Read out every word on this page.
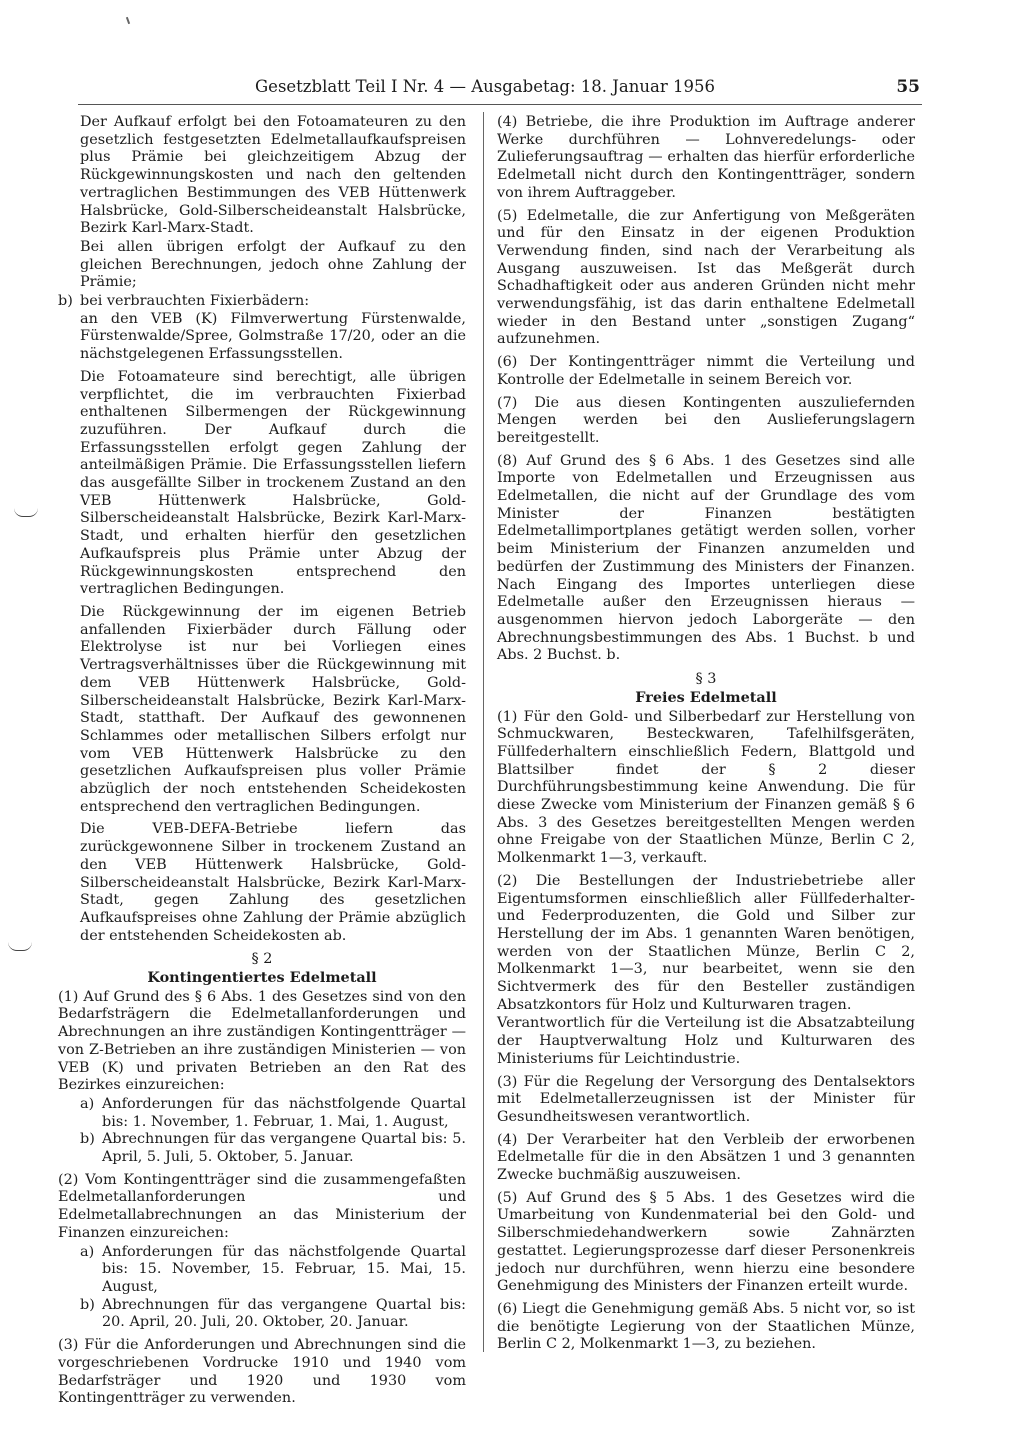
Gesetzblatt Teil I Nr. 4 — Ausgabetag: 18. Januar 1956	55

Der Aufkauf erfolgt bei den Fotoamateuren zu den gesetzlich festgesetzten Edelmetallaufkaufspreisen plus Prämie bei gleichzeitigem Abzug der Rückgewinnungskosten und nach den geltenden vertraglichen Bestimmungen des VEB Hüttenwerk Halsbrücke, Gold-Silberscheideanstalt Halsbrücke, Bezirk Karl-Marx-Stadt.

Bei allen übrigen erfolgt der Aufkauf zu den gleichen Berechnungen, jedoch ohne Zahlung der Prämie;

b) bei verbrauchten Fixierbädern:

an den VEB (K) Filmverwertung Fürstenwalde, Fürstenwalde/Spree, Golmstraße 17/20, oder an die nächstgelegenen Erfassungsstellen.

Die Fotoamateure sind berechtigt, alle übrigen verpflichtet, die im verbrauchten Fixierbad enthaltenen Silbermengen der Rückgewinnung zuzuführen. Der Aufkauf durch die Erfassungsstellen erfolgt gegen Zahlung der anteilmäßigen Prämie. Die Erfassungsstellen liefern das ausgefällte Silber in trockenem Zustand an den VEB Hüttenwerk Halsbrücke, Gold-Silberscheideanstalt Halsbrücke, Bezirk Karl-Marx-Stadt, und erhalten hierfür den gesetzlichen Aufkaufspreis plus Prämie unter Abzug der Rückgewinnungskosten entsprechend den vertraglichen Bedingungen.

Die Rückgewinnung der im eigenen Betrieb anfallenden Fixierbäder durch Fällung oder Elektrolyse ist nur bei Vorliegen eines Vertragsverhältnisses über die Rückgewinnung mit dem VEB Hüttenwerk Halsbrücke, Gold-Silberscheideanstalt Halsbrücke, Bezirk Karl-Marx-Stadt, statthaft. Der Aufkauf des gewonnenen Schlammes oder metallischen Silbers erfolgt nur vom VEB Hüttenwerk Halsbrücke zu den gesetzlichen Aufkaufspreisen plus voller Prämie abzüglich der noch entstehenden Scheidekosten entsprechend den vertraglichen Bedingungen.

Die VEB-DEFA-Betriebe liefern das zurückgewonnene Silber in trockenem Zustand an den VEB Hüttenwerk Halsbrücke, Gold-Silberscheideanstalt Halsbrücke, Bezirk Karl-Marx-Stadt, gegen Zahlung des gesetzlichen Aufkaufspreises ohne Zahlung der Prämie abzüglich der entstehenden Scheidekosten ab.

§ 2
Kontingentiertes Edelmetall

(1) Auf Grund des § 6 Abs. 1 des Gesetzes sind von den Bedarfsträgern die Edelmetallanforderungen und Abrechnungen an ihre zuständigen Kontingentträger — von Z-Betrieben an ihre zuständigen Ministerien — von VEB (K) und privaten Betrieben an den Rat des Bezirkes einzureichen:

a) Anforderungen für das nächstfolgende Quartal bis: 1. November, 1. Februar, 1. Mai, 1. August,
b) Abrechnungen für das vergangene Quartal bis: 5. April, 5. Juli, 5. Oktober, 5. Januar.

(2) Vom Kontingentträger sind die zusammengefaßten Edelmetallanforderungen und Edelmetallabrechnungen an das Ministerium der Finanzen einzureichen:

a) Anforderungen für das nächstfolgende Quartal bis: 15. November, 15. Februar, 15. Mai, 15. August,
b) Abrechnungen für das vergangene Quartal bis: 20. April, 20. Juli, 20. Oktober, 20. Januar.

(3) Für die Anforderungen und Abrechnungen sind die vorgeschriebenen Vordrucke 1910 und 1940 vom Bedarfsträger und 1920 und 1930 vom Kontingentträger zu verwenden.

(4) Betriebe, die ihre Produktion im Auftrage anderer Werke durchführen — Lohnveredelungs- oder Zulieferungsauftrag — erhalten das hierfür erforderliche Edelmetall nicht durch den Kontingentträger, sondern von ihrem Auftraggeber.

(5) Edelmetalle, die zur Anfertigung von Meßgeräten und für den Einsatz in der eigenen Produktion Verwendung finden, sind nach der Verarbeitung als Ausgang auszuweisen. Ist das Meßgerät durch Schadhaftigkeit oder aus anderen Gründen nicht mehr verwendungsfähig, ist das darin enthaltene Edelmetall wieder in den Bestand unter „sonstigen Zugang“ aufzunehmen.

(6) Der Kontingentträger nimmt die Verteilung und Kontrolle der Edelmetalle in seinem Bereich vor.

(7) Die aus diesen Kontingenten auszuliefernden Mengen werden bei den Auslieferungslagern bereitgestellt.

(8) Auf Grund des § 6 Abs. 1 des Gesetzes sind alle Importe von Edelmetallen und Erzeugnissen aus Edelmetallen, die nicht auf der Grundlage des vom Minister der Finanzen bestätigten Edelmetallimportplanes getätigt werden sollen, vorher beim Ministerium der Finanzen anzumelden und bedürfen der Zustimmung des Ministers der Finanzen. Nach Eingang des Importes unterliegen diese Edelmetalle außer den Erzeugnissen hieraus — ausgenommen hiervon jedoch Laborgeräte — den Abrechnungsbestimmungen des Abs. 1 Buchst. b und Abs. 2 Buchst. b.

§ 3
Freies Edelmetall

(1) Für den Gold- und Silberbedarf zur Herstellung von Schmuckwaren, Besteckwaren, Tafelhilfsgeräten, Füllfederhaltern einschließlich Federn, Blattgold und Blattsilber findet der § 2 dieser Durchführungsbestimmung keine Anwendung. Die für diese Zwecke vom Ministerium der Finanzen gemäß § 6 Abs. 3 des Gesetzes bereitgestellten Mengen werden ohne Freigabe von der Staatlichen Münze, Berlin C 2, Molkenmarkt 1—3, verkauft.

(2) Die Bestellungen der Industriebetriebe aller Eigentumsformen einschließlich aller Füllfederhalter- und Federproduzenten, die Gold und Silber zur Herstellung der im Abs. 1 genannten Waren benötigen, werden von der Staatlichen Münze, Berlin C 2, Molkenmarkt 1—3, nur bearbeitet, wenn sie den Sichtvermerk des für den Besteller zuständigen Absatzkontors für Holz und Kulturwaren tragen.

Verantwortlich für die Verteilung ist die Absatzabteilung der Hauptverwaltung Holz und Kulturwaren des Ministeriums für Leichtindustrie.

(3) Für die Regelung der Versorgung des Dentalsektors mit Edelmetallerzeugnissen ist der Minister für Gesundheitswesen verantwortlich.

(4) Der Verarbeiter hat den Verbleib der erworbenen Edelmetalle für die in den Absätzen 1 und 3 genannten Zwecke buchmäßig auszuweisen.

(5) Auf Grund des § 5 Abs. 1 des Gesetzes wird die Umarbeitung von Kundenmaterial bei den Gold- und Silberschmiedehandwerkern sowie Zahnärzten gestattet. Legierungsprozesse darf dieser Personenkreis jedoch nur durchführen, wenn hierzu eine besondere Genehmigung des Ministers der Finanzen erteilt wurde.

(6) Liegt die Genehmigung gemäß Abs. 5 nicht vor, so ist die benötigte Legierung von der Staatlichen Münze, Berlin C 2, Molkenmarkt 1—3, zu beziehen.
